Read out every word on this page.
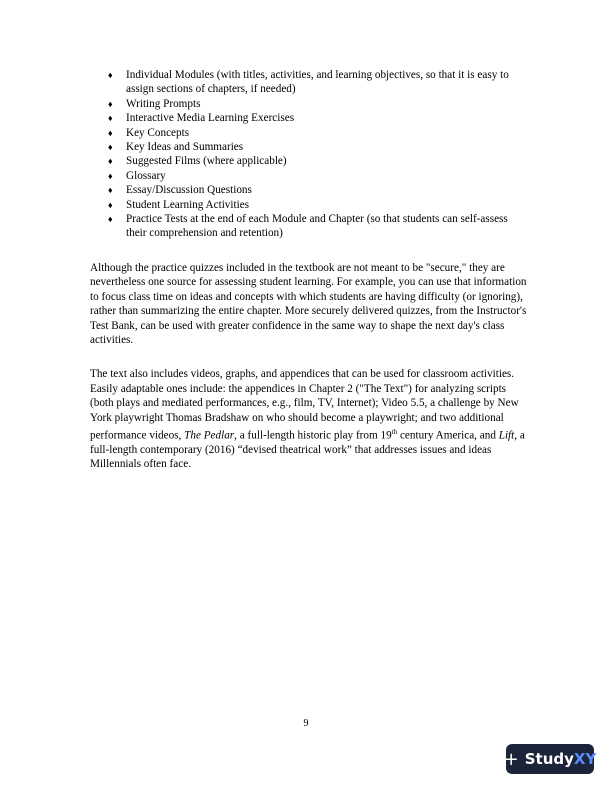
♦ Individual Modules (with titles, activities, and learning objectives, so that it is easy to assign sections of chapters, if needed)
♦ Writing Prompts
♦ Interactive Media Learning Exercises
♦ Key Concepts
♦ Key Ideas and Summaries
♦ Suggested Films (where applicable)
♦ Glossary
♦ Essay/Discussion Questions
♦ Student Learning Activities
♦ Practice Tests at the end of each Module and Chapter (so that students can self-assess their comprehension and retention)

Although the practice quizzes included in the textbook are not meant to be "secure," they are nevertheless one source for assessing student learning. For example, you can use that information to focus class time on ideas and concepts with which students are having difficulty (or ignoring), rather than summarizing the entire chapter. More securely delivered quizzes, from the Instructor's Test Bank, can be used with greater confidence in the same way to shape the next day's class activities.

The text also includes videos, graphs, and appendices that can be used for classroom activities. Easily adaptable ones include: the appendices in Chapter 2 ("The Text") for analyzing scripts (both plays and mediated performances, e.g., film, TV, Internet); Video 5.5, a challenge by New York playwright Thomas Bradshaw on who should become a playwright; and two additional performance videos, The Pedlar, a full-length historic play from 19th century America, and Lift, a full-length contemporary (2016) “devised theatrical work” that addresses issues and ideas Millennials often face.

9
+ StudyXY
